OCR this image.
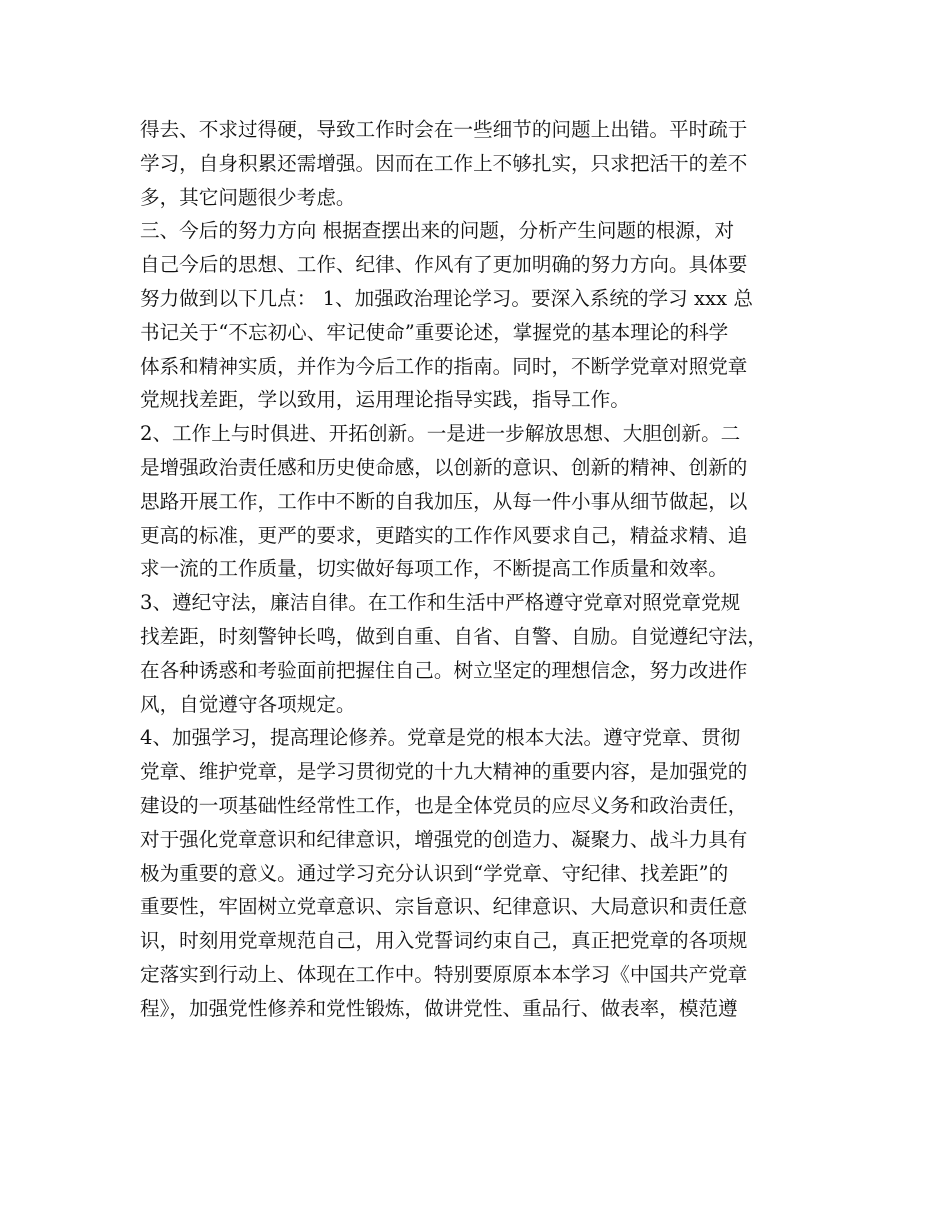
得去、不求过得硬，导致工作时会在一些细节的问题上出错。平时疏于
学习，自身积累还需增强。因而在工作上不够扎实，只求把活干的差不
多，其它问题很少考虑。
三、今后的努力方向 根据查摆出来的问题，分析产生问题的根源，对
自己今后的思想、工作、纪律、作风有了更加明确的努力方向。具体要
努力做到以下几点： 1、加强政治理论学习。要深入系统的学习 xxx 总
书记关于“不忘初心、牢记使命”重要论述，掌握党的基本理论的科学
体系和精神实质，并作为今后工作的指南。同时，不断学党章对照党章
党规找差距，学以致用，运用理论指导实践，指导工作。
2、工作上与时俱进、开拓创新。一是进一步解放思想、大胆创新。二
是增强政治责任感和历史使命感，以创新的意识、创新的精神、创新的
思路开展工作，工作中不断的自我加压，从每一件小事从细节做起，以
更高的标准，更严的要求，更踏实的工作作风要求自己，精益求精、追
求一流的工作质量，切实做好每项工作，不断提高工作质量和效率。
3、遵纪守法，廉洁自律。在工作和生活中严格遵守党章对照党章党规
找差距，时刻警钟长鸣，做到自重、自省、自警、自励。自觉遵纪守法，
在各种诱惑和考验面前把握住自己。树立坚定的理想信念，努力改进作
风，自觉遵守各项规定。
4、加强学习，提高理论修养。党章是党的根本大法。遵守党章、贯彻
党章、维护党章，是学习贯彻党的十九大精神的重要内容，是加强党的
建设的一项基础性经常性工作，也是全体党员的应尽义务和政治责任，
对于强化党章意识和纪律意识，增强党的创造力、凝聚力、战斗力具有
极为重要的意义。通过学习充分认识到“学党章、守纪律、找差距”的
重要性，牢固树立党章意识、宗旨意识、纪律意识、大局意识和责任意
识，时刻用党章规范自己，用入党誓词约束自己，真正把党章的各项规
定落实到行动上、体现在工作中。特别要原原本本学习《中国共产党章
程》，加强党性修养和党性锻炼，做讲党性、重品行、做表率，模范遵
